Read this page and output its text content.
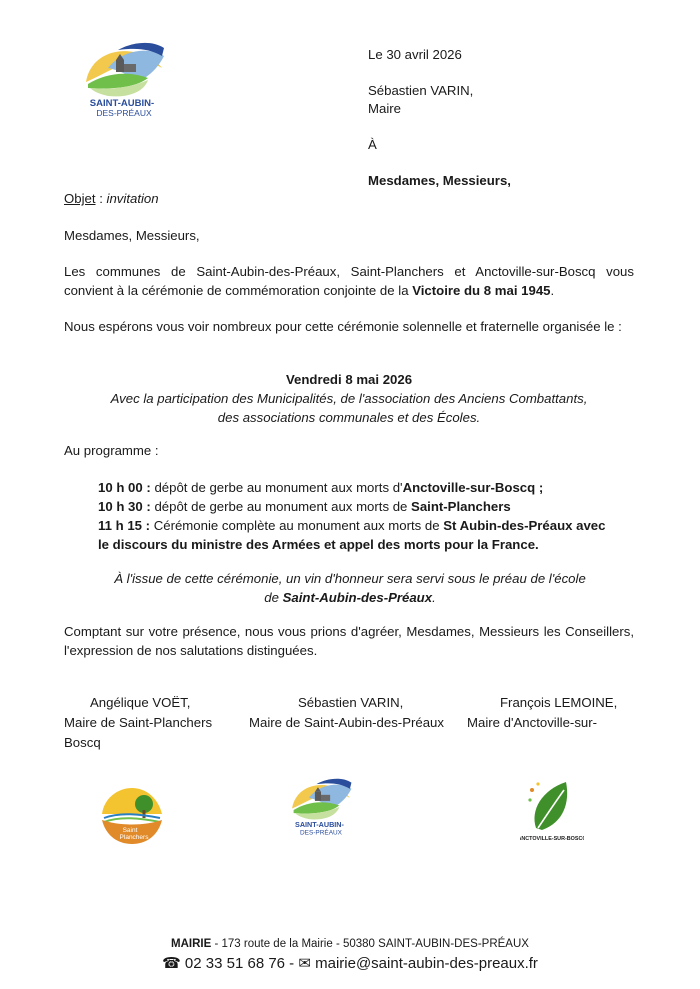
SAINT-AUBIN-
DES-PRÉAUX
Le 30 avril 2026
Sébastien VARIN,
Maire
À
Mesdames, Messieurs,
Objet : invitation
Mesdames, Messieurs,
Les communes de Saint-Aubin-des-Préaux, Saint-Planchers et Anctoville-sur-Boscq vous convient à la cérémonie de commémoration conjointe de la Victoire du 8 mai 1945.
Nous espérons vous voir nombreux pour cette cérémonie solennelle et fraternelle organisée le :
Vendredi 8 mai 2026
Avec la participation des Municipalités, de l'association des Anciens Combattants,
des associations communales et des Écoles.
Au programme :
10 h 00 : dépôt de gerbe au monument aux morts d'Anctoville-sur-Boscq ;
10 h 30 : dépôt de gerbe au monument aux morts de Saint-Planchers
11 h 15 : Cérémonie complète au monument aux morts de St Aubin-des-Préaux avec
le discours du ministre des Armées et appel des morts pour la France.
À l'issue de cette cérémonie, un vin d'honneur sera servi sous le préau de l'école de Saint-Aubin-des-Préaux.
Comptant sur votre présence, nous vous prions d'agréer, Mesdames, Messieurs les Conseillers, l'expression de nos salutations distinguées.
Angélique VOËT,
Maire de Saint-Planchers
Boscq
Sébastien VARIN,
Maire de Saint-Aubin-des-Préaux
François LEMOINE,
Maire d'Anctoville-sur-
Saint
Planchers
SAINT-AUBIN-
DES-PRÉAUX
ANCTOVILLE-SUR-BOSCQ
MAIRIE - 173 route de la Mairie - 50380 SAINT-AUBIN-DES-PRÉAUX
☎ 02 33 51 68 76 - ✉ mairie@saint-aubin-des-preaux.fr
